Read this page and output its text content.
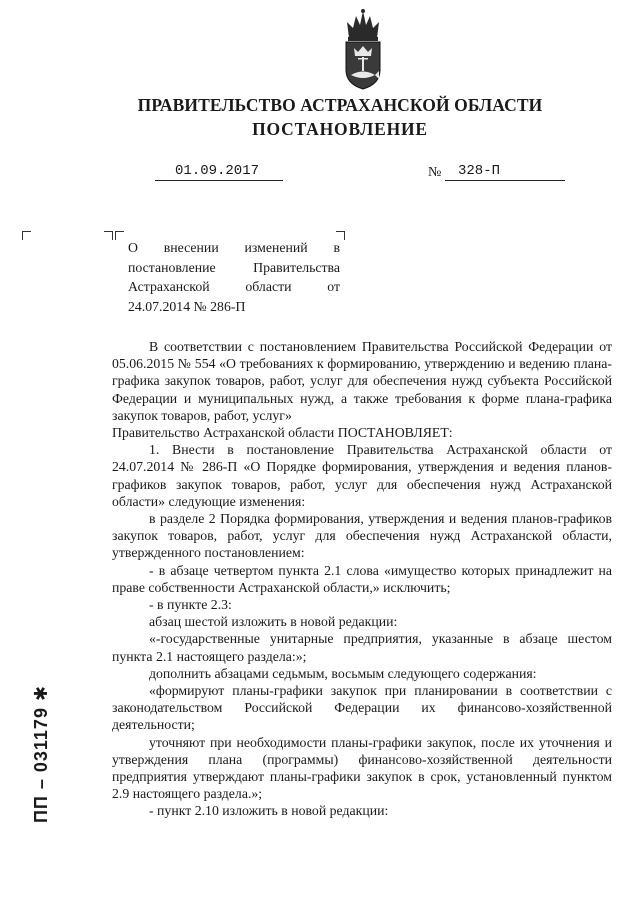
ПРАВИТЕЛЬСТВО АСТРАХАНСКОЙ ОБЛАСТИ
ПОСТАНОВЛЕНИЕ
01.09.2017	№ 328-П
О внесении изменений в постановление Правительства Астраханской области от 24.07.2014 № 286-П

В соответствии с постановлением Правительства Российской Федерации от 05.06.2015 № 554 «О требованиях к формированию, утверждению и ведению плана-графика закупок товаров, работ, услуг для обеспечения нужд субъекта Российской Федерации и муниципальных нужд, а также требования к форме плана-графика закупок товаров, работ, услуг»

Правительство Астраханской области ПОСТАНОВЛЯЕТ:

1. Внести в постановление Правительства Астраханской области от 24.07.2014 № 286-П «О Порядке формирования, утверждения и ведения планов-графиков закупок товаров, работ, услуг для обеспечения нужд Астраханской области» следующие изменения:

в разделе 2 Порядка формирования, утверждения и ведения планов-графиков закупок товаров, работ, услуг для обеспечения нужд Астраханской области, утвержденного постановлением:

- в абзаце четвертом пункта 2.1 слова «имущество которых принадлежит на праве собственности Астраханской области,» исключить;

- в пункте 2.3:

абзац шестой изложить в новой редакции:

«-государственные унитарные предприятия, указанные в абзаце шестом пункта 2.1 настоящего раздела:»;

дополнить абзацами седьмым, восьмым следующего содержания:

«формируют планы-графики закупок при планировании в соответствии с законодательством Российской Федерации их финансово-хозяйственной деятельности;

уточняют при необходимости планы-графики закупок, после их уточнения и утверждения плана (программы) финансово-хозяйственной деятельности предприятия утверждают планы-графики закупок в срок, установленный пунктом 2.9 настоящего раздела.»;

- пункт 2.10 изложить в новой редакции:

ПП – 031179 ✱
